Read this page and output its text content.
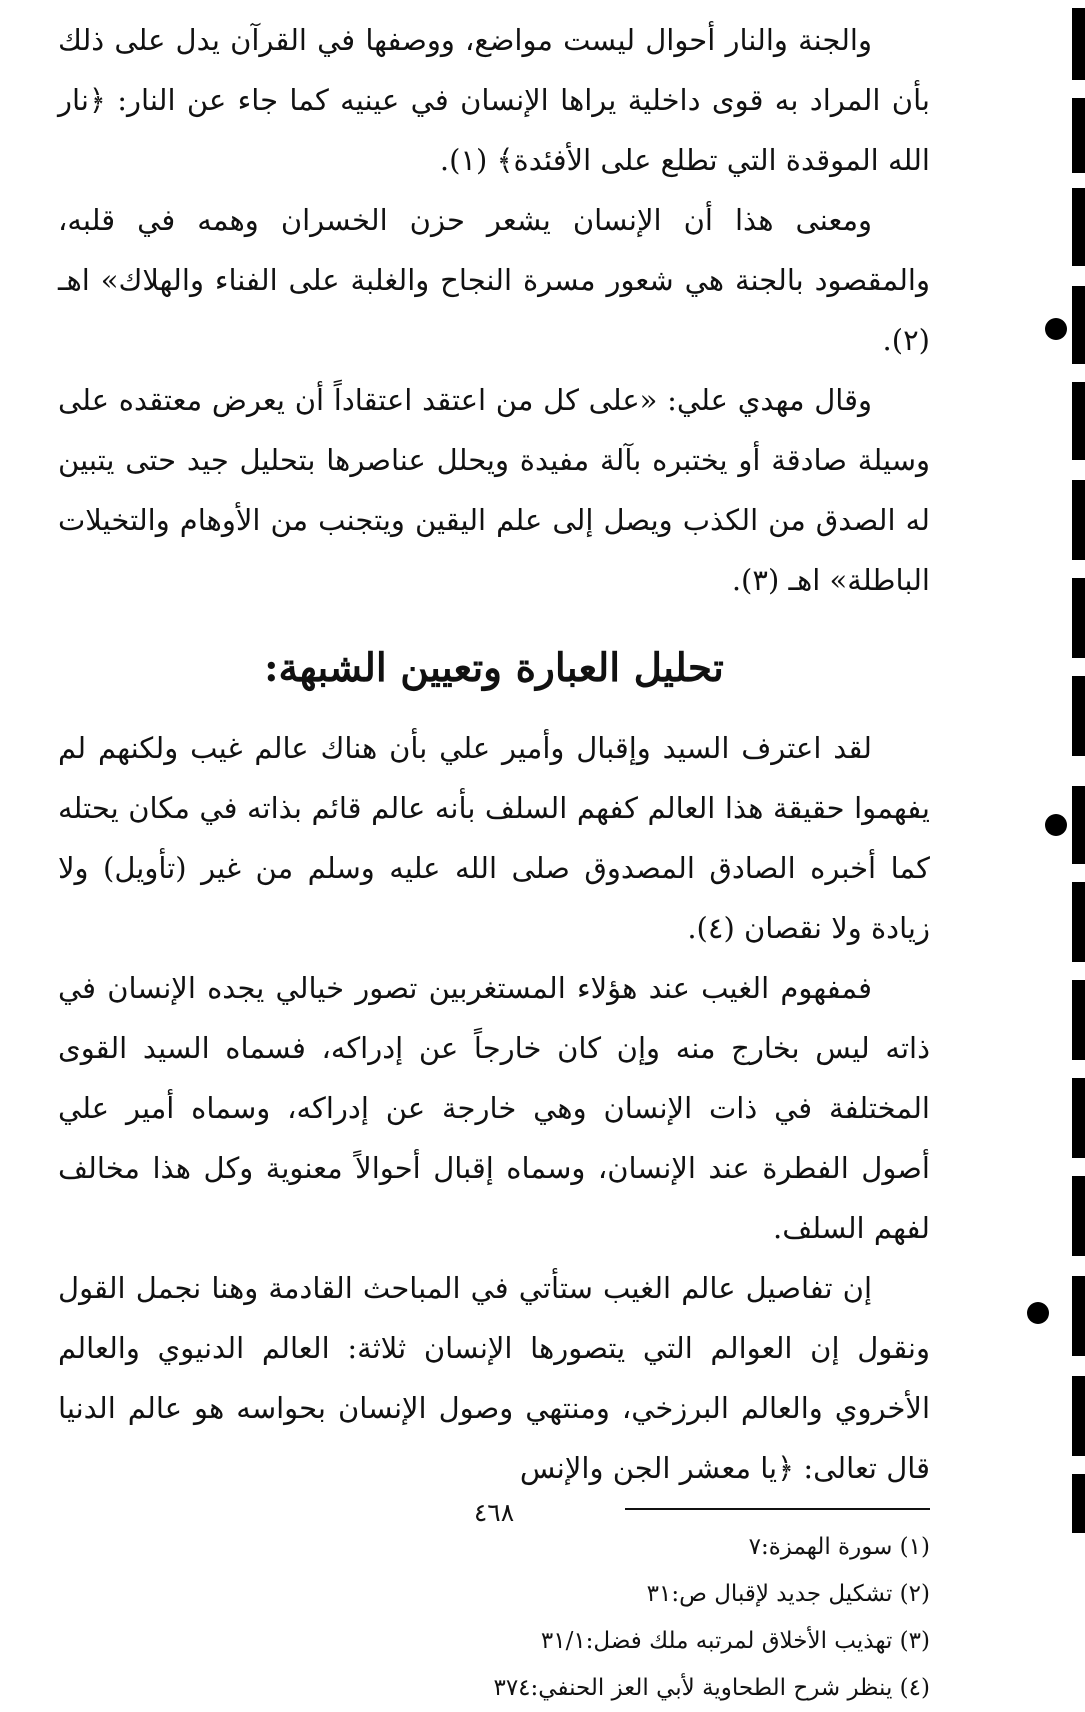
والجنة والنار أحوال ليست مواضع، ووصفها في القرآن يدل على ذلك بأن المراد به قوى داخلية يراها الإنسان في عينيه كما جاء عن النار: ﴿نار الله الموقدة التي تطلع على الأفئدة﴾ (١).

ومعنى هذا أن الإنسان يشعر حزن الخسران وهمه في قلبه، والمقصود بالجنة هي شعور مسرة النجاح والغلبة على الفناء والهلاك» اهـ (٢).

وقال مهدي علي: «على كل من اعتقد اعتقاداً أن يعرض معتقده على وسيلة صادقة أو يختبره بآلة مفيدة ويحلل عناصرها بتحليل جيد حتى يتبين له الصدق من الكذب ويصل إلى علم اليقين ويتجنب من الأوهام والتخيلات الباطلة» اهـ (٣).

تحليل العبارة وتعيين الشبهة:

لقد اعترف السيد وإقبال وأمير علي بأن هناك عالم غيب ولكنهم لم يفهموا حقيقة هذا العالم كفهم السلف بأنه عالم قائم بذاته في مكان يحتله كما أخبره الصادق المصدوق صلى الله عليه وسلم من غير (تأويل) ولا زيادة ولا نقصان (٤).

فمفهوم الغيب عند هؤلاء المستغربين تصور خيالي يجده الإنسان في ذاته ليس بخارج منه وإن كان خارجاً عن إدراكه، فسماه السيد القوى المختلفة في ذات الإنسان وهي خارجة عن إدراكه، وسماه أمير علي أصول الفطرة عند الإنسان، وسماه إقبال أحوالاً معنوية وكل هذا مخالف لفهم السلف.

إن تفاصيل عالم الغيب ستأتي في المباحث القادمة وهنا نجمل القول ونقول إن العوالم التي يتصورها الإنسان ثلاثة: العالم الدنيوي والعالم الأخروي والعالم البرزخي، ومنتهي وصول الإنسان بحواسه هو عالم الدنيا قال تعالى: ﴿يا معشر الجن والإنس

(١) سورة الهمزة:٧
(٢) تشكيل جديد لإقبال ص:٣١
(٣) تهذيب الأخلاق لمرتبه ملك فضل:٣١/١
(٤) ينظر شرح الطحاوية لأبي العز الحنفي:٣٧٤
٤٦٨
